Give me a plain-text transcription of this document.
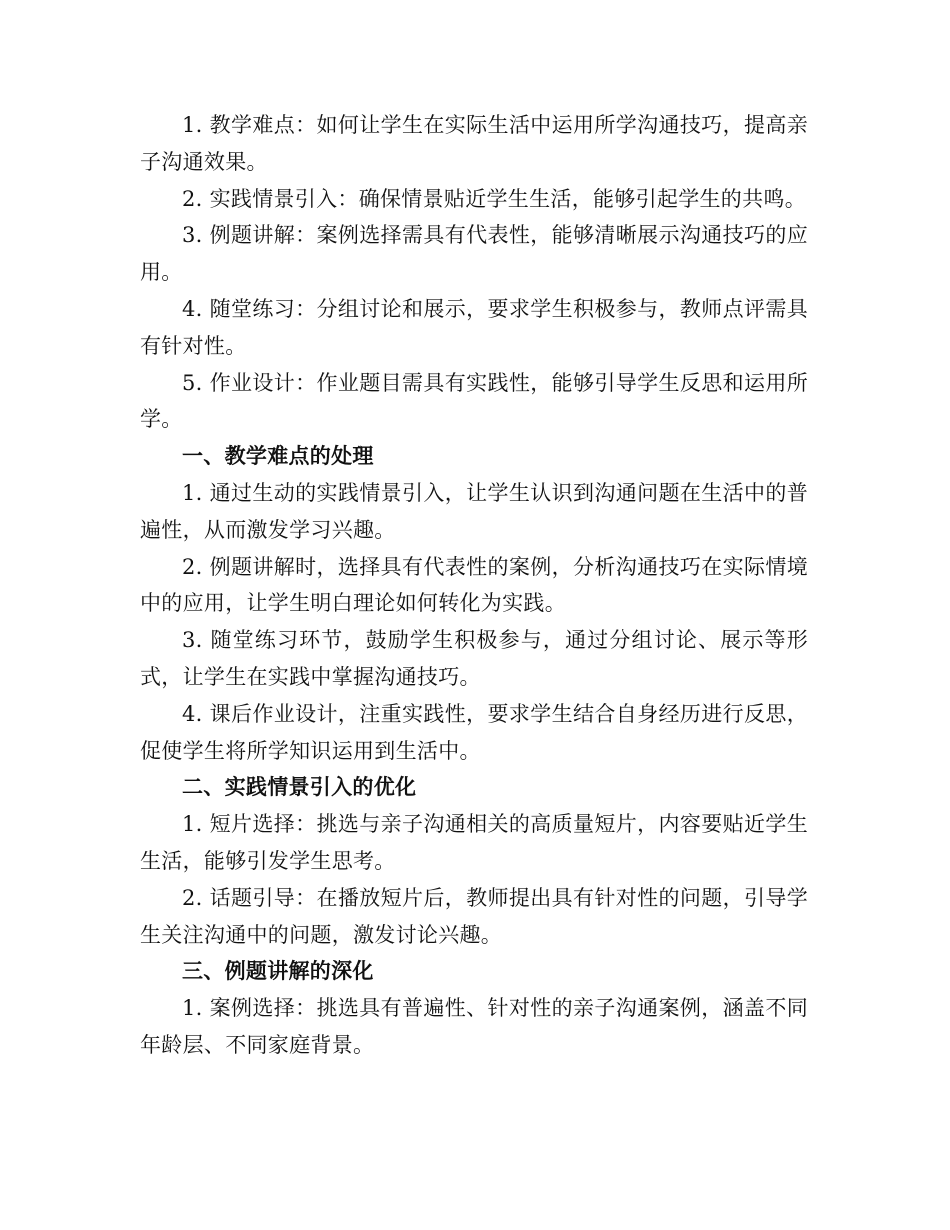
1. 教学难点：如何让学生在实际生活中运用所学沟通技巧，提高亲子沟通效果。

2. 实践情景引入：确保情景贴近学生生活，能够引起学生的共鸣。

3. 例题讲解：案例选择需具有代表性，能够清晰展示沟通技巧的应用。

4. 随堂练习：分组讨论和展示，要求学生积极参与，教师点评需具有针对性。

5. 作业设计：作业题目需具有实践性，能够引导学生反思和运用所学。

一、教学难点的处理

1. 通过生动的实践情景引入，让学生认识到沟通问题在生活中的普遍性，从而激发学习兴趣。

2. 例题讲解时，选择具有代表性的案例，分析沟通技巧在实际情境中的应用，让学生明白理论如何转化为实践。

3. 随堂练习环节，鼓励学生积极参与，通过分组讨论、展示等形式，让学生在实践中掌握沟通技巧。

4. 课后作业设计，注重实践性，要求学生结合自身经历进行反思，促使学生将所学知识运用到生活中。

二、实践情景引入的优化

1. 短片选择：挑选与亲子沟通相关的高质量短片，内容要贴近学生生活，能够引发学生思考。

2. 话题引导：在播放短片后，教师提出具有针对性的问题，引导学生关注沟通中的问题，激发讨论兴趣。

三、例题讲解的深化

1. 案例选择：挑选具有普遍性、针对性的亲子沟通案例，涵盖不同年龄层、不同家庭背景。
